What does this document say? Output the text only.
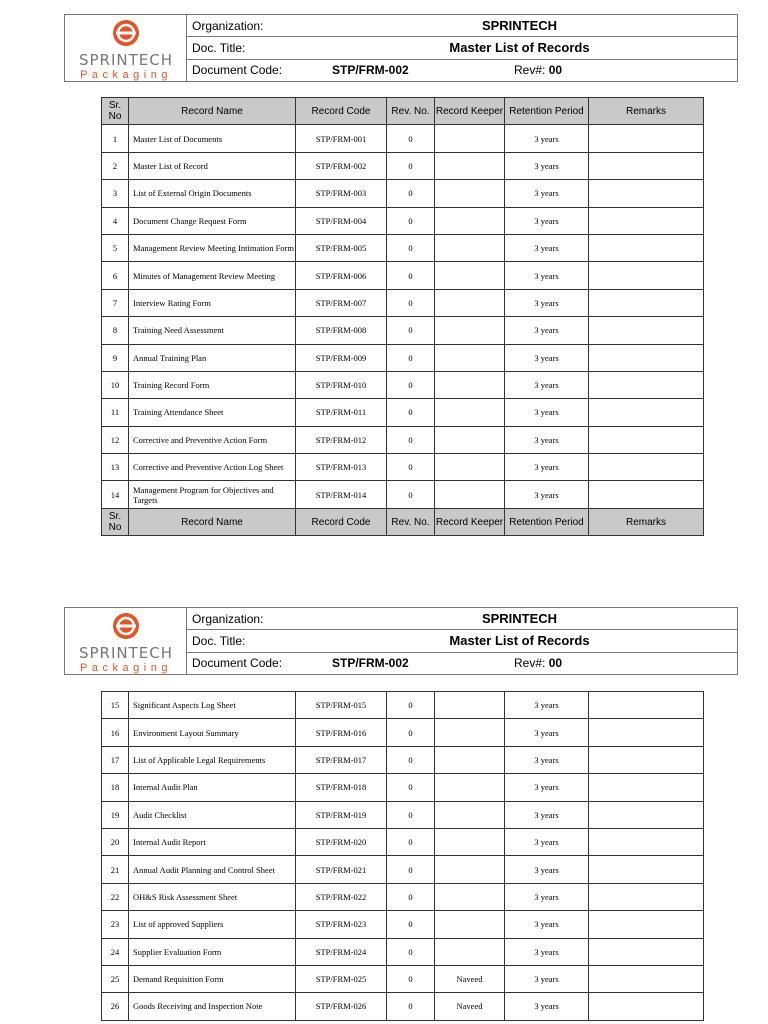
SPRINTECH
Packaging
Organization:	SPRINTECH
Doc. Title:	Master List of Records
Document Code:	STP/FRM-002	Rev#: 00
Sr. No	Record Name	Record Code	Rev. No.	Record Keeper	Retention Period	Remarks
1	Master List of Documents	STP/FRM-001	0		3 years	
2	Master List of Record	STP/FRM-002	0		3 years	
3	List of External Origin Documents	STP/FRM-003	0		3 years	
4	Document Change Request Form	STP/FRM-004	0		3 years	
5	Management Review Meeting Intimation Form	STP/FRM-005	0		3 years	
6	Minutes of Management Review Meeting	STP/FRM-006	0		3 years	
7	Interview Rating Form	STP/FRM-007	0		3 years	
8	Training Need Assessment	STP/FRM-008	0		3 years	
9	Annual Training Plan	STP/FRM-009	0		3 years	
10	Training Record Form	STP/FRM-010	0		3 years	
11	Training Attendance Sheet	STP/FRM-011	0		3 years	
12	Corrective and Preventive Action Form	STP/FRM-012	0		3 years	
13	Corrective and Preventive Action Log Sheet	STP/FRM-013	0		3 years	
14	Management Program for Objectives and Targets	STP/FRM-014	0		3 years	
Sr. No	Record Name	Record Code	Rev. No.	Record Keeper	Retention Period	Remarks
SPRINTECH
Packaging
Organization:	SPRINTECH
Doc. Title:	Master List of Records
Document Code:	STP/FRM-002	Rev#: 00
15	Significant Aspects Log Sheet	STP/FRM-015	0		3 years	
16	Environment Layout Summary	STP/FRM-016	0		3 years	
17	List of Applicable Legal Requirements	STP/FRM-017	0		3 years	
18	Internal Audit Plan	STP/FRM-018	0		3 years	
19	Audit Checklist	STP/FRM-019	0		3 years	
20	Internal Audit Report	STP/FRM-020	0		3 years	
21	Annual Audit Planning and Control Sheet	STP/FRM-021	0		3 years	
22	OH&S Risk Assessment Sheet	STP/FRM-022	0		3 years	
23	List of approved Suppliers	STP/FRM-023	0		3 years	
24	Supplier Evaluation Form	STP/FRM-024	0		3 years	
25	Demand Requisition Form	STP/FRM-025	0	Naveed	3 years	
26	Goods Receiving and Inspection Note	STP/FRM-026	0	Naveed	3 years	
